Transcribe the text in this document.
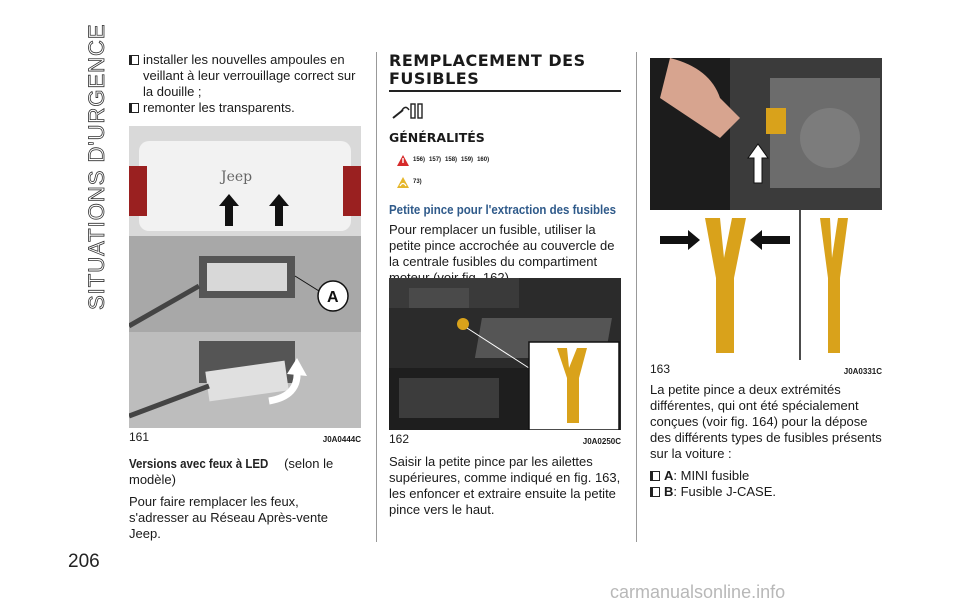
SITUATIONS D'URGENCE
206
installer les nouvelles ampoules en veillant à leur verrouillage correct sur la douille ;
remonter les transparents.
Jeep
A
161	J0A0444C

Versions avec feux à LED (selon le modèle)

Pour faire remplacer les feux, s'adresser au Réseau Après-vente Jeep.

REMPLACEMENT DES
FUSIBLES
GÉNÉRALITÉS
156) 157) 158) 159) 160)
73)
Petite pince pour l'extraction des fusibles

Pour remplacer un fusible, utiliser la petite pince accrochée au couvercle de la centrale fusibles du compartiment

162	J0A0250C

Saisir la petite pince par les ailettes supérieures, comme indiqué en fig. 163, les enfoncer et extraire ensuite la petite pince vers le haut.

163	J0A0331C

La petite pince a deux extrémités différentes, qui ont été spécialement conçues (voir fig. 164) pour la dépose des différents types de fusibles présents sur la voiture :

A : MINI fusible
B : Fusible J-CASE.
carmanualsonline.info
